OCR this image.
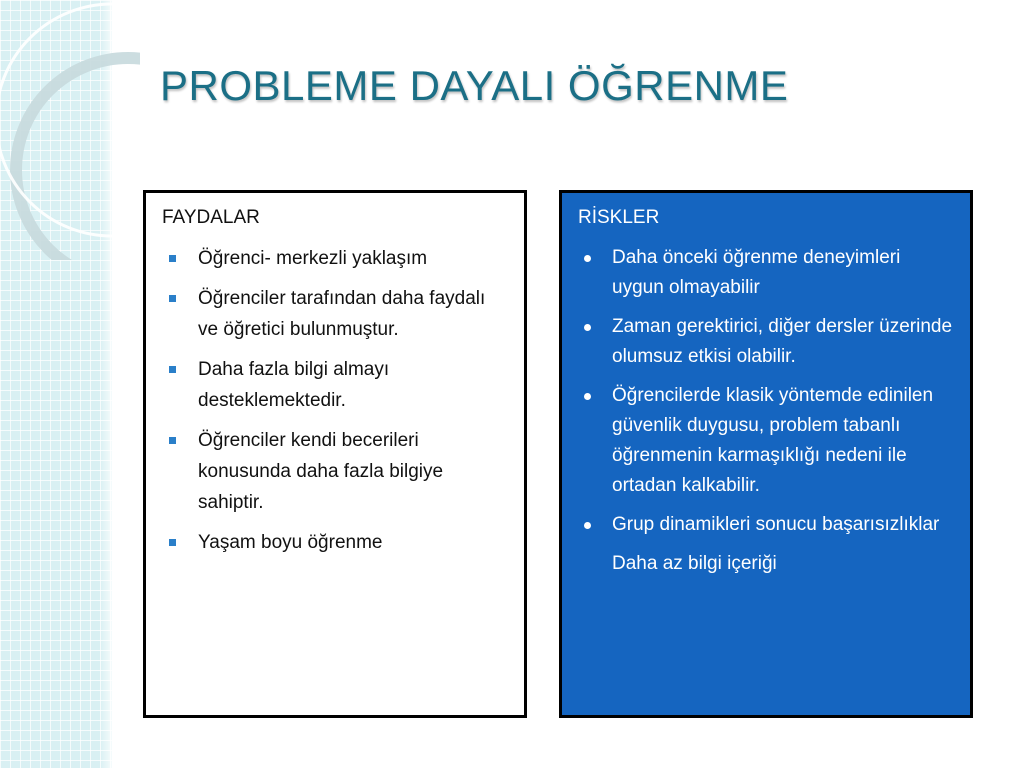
PROBLEME DAYALI ÖĞRENME
FAYDALAR
Öğrenci- merkezli yaklaşım
Öğrenciler tarafından daha faydalı ve öğretici bulunmuştur.
Daha fazla bilgi almayı desteklemektedir.
Öğrenciler kendi becerileri konusunda daha fazla bilgiye sahiptir.
Yaşam boyu öğrenme
RİSKLER
Daha önceki öğrenme deneyimleri uygun olmayabilir
Zaman gerektirici, diğer dersler üzerinde olumsuz etkisi olabilir.
Öğrencilerde klasik yöntemde edinilen güvenlik duygusu, problem tabanlı öğrenmenin karmaşıklığı nedeni ile ortadan kalkabilir.
Grup dinamikleri sonucu başarısızlıklar

Daha az bilgi içeriği
